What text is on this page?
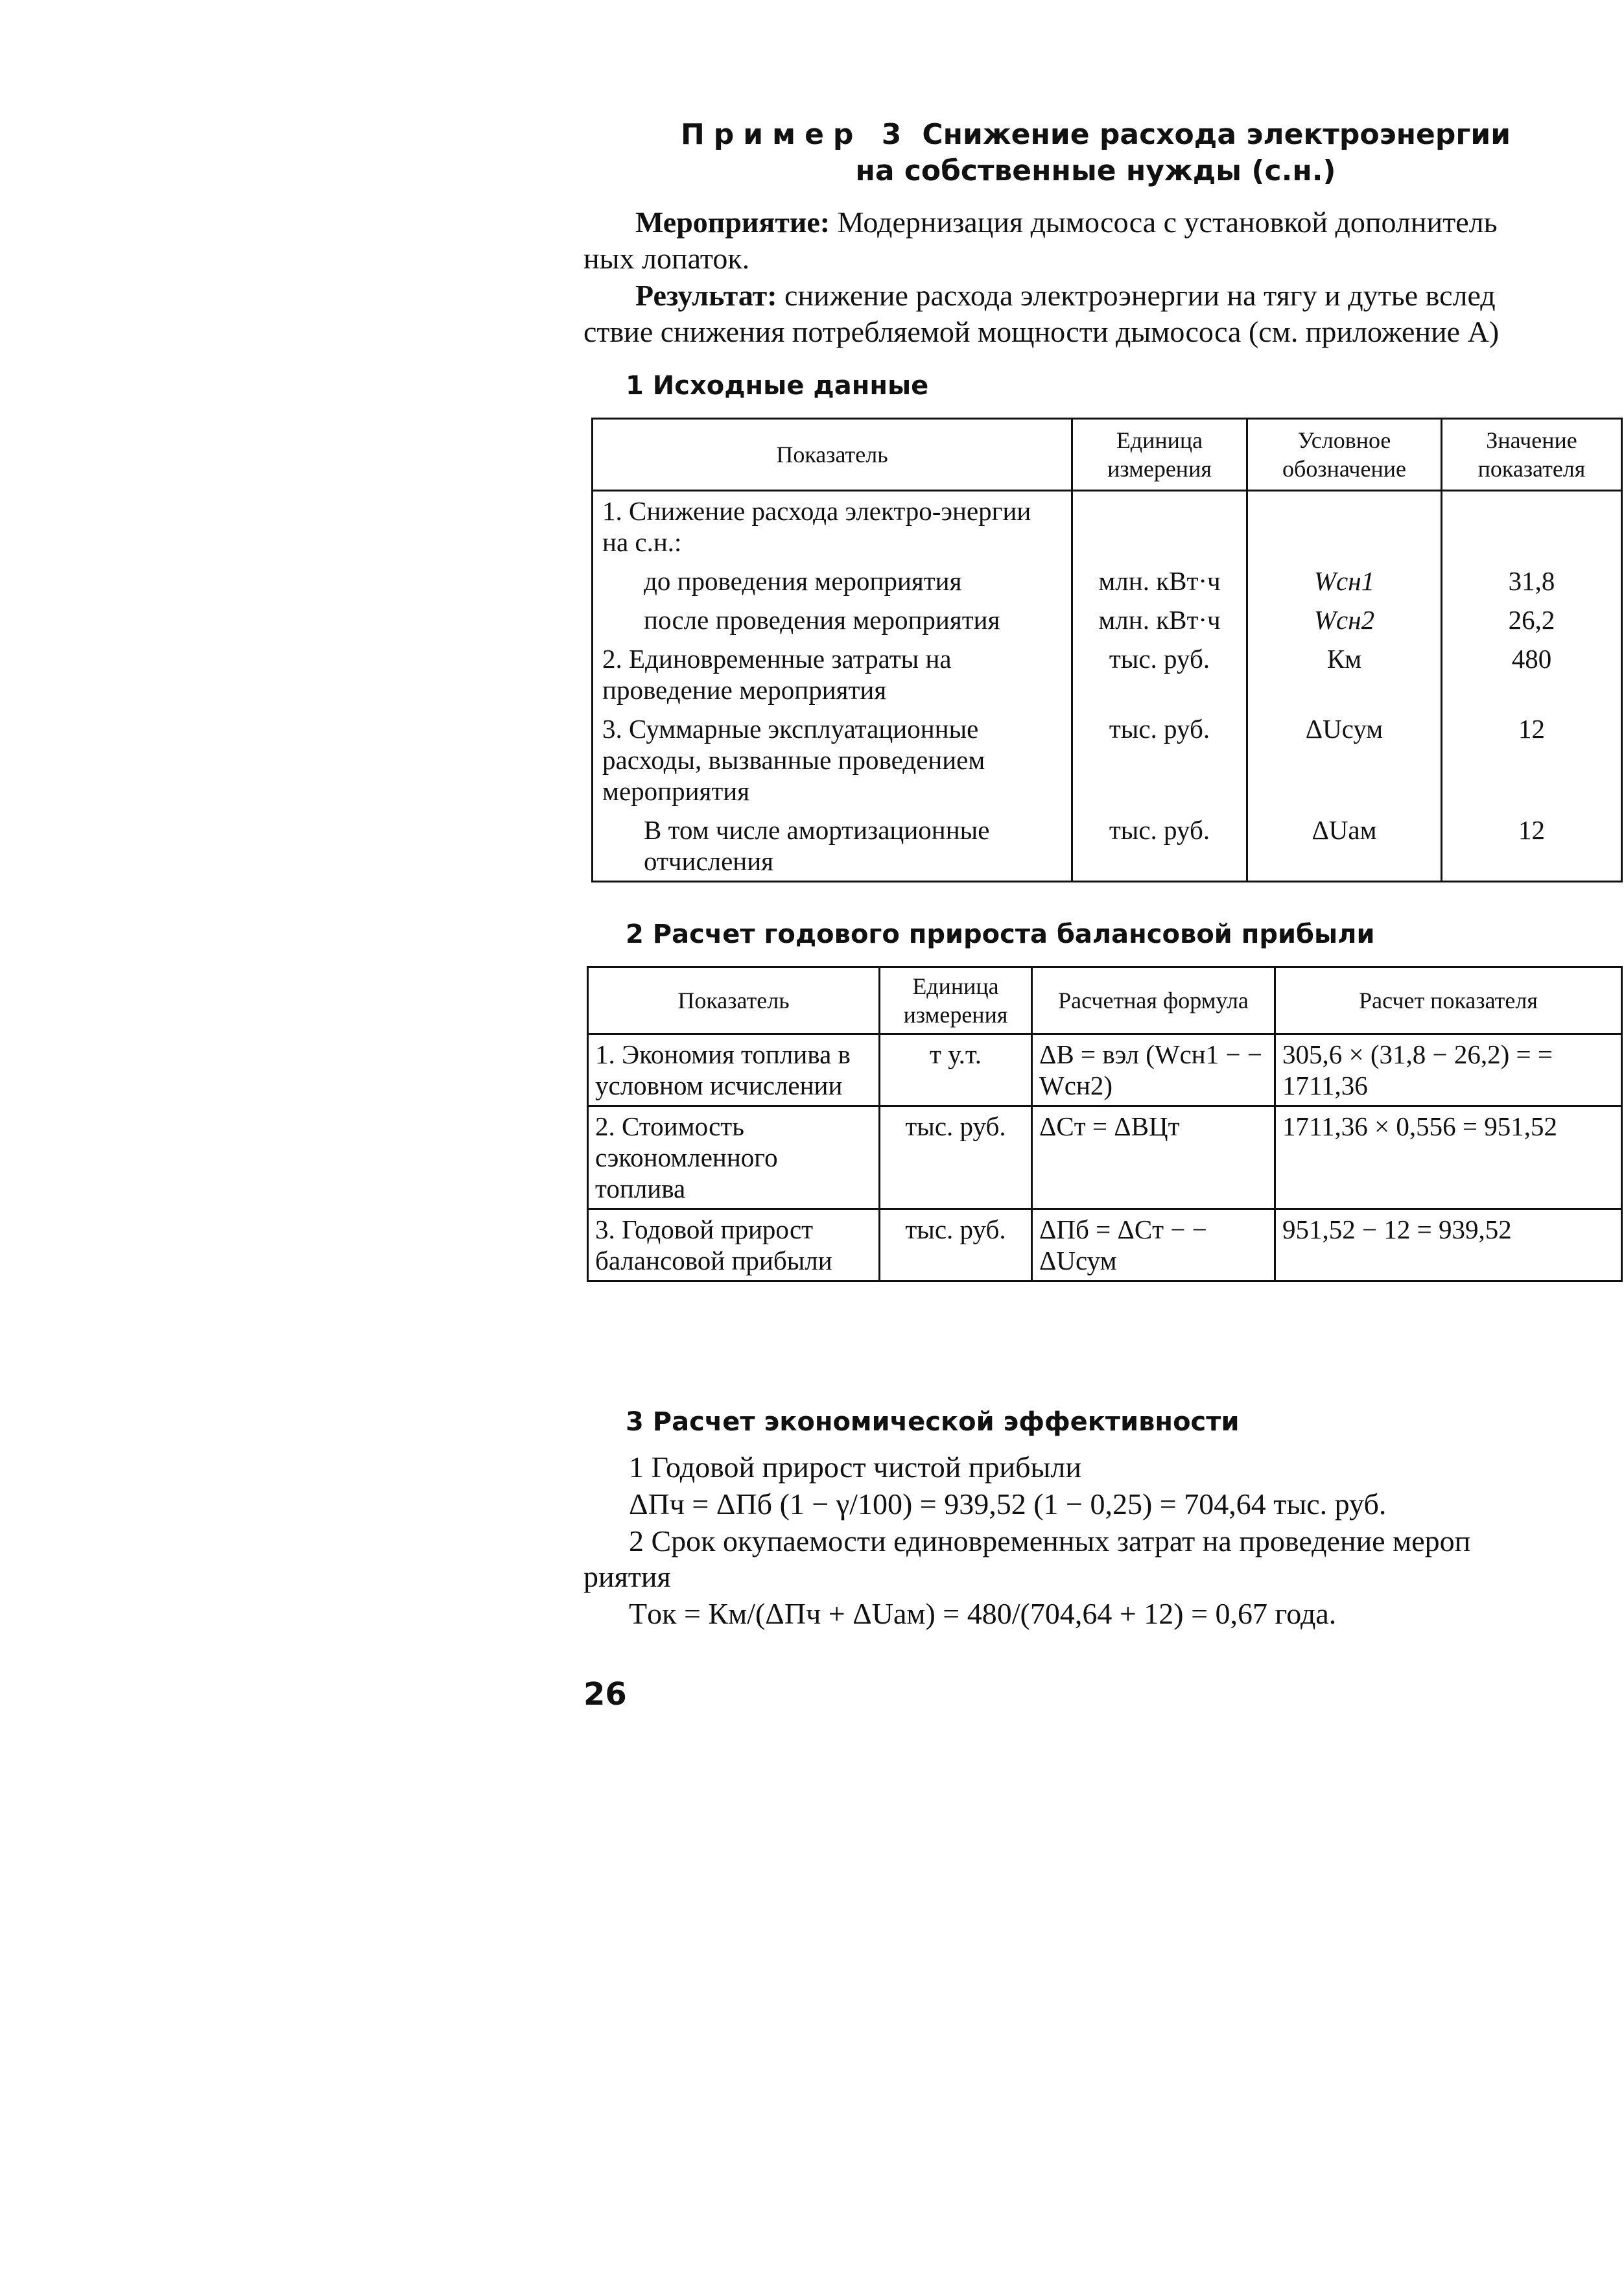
Пример 3 Снижение расхода электроэнергии
на собственные нужды (с.н.)
Мероприятие: Модернизация дымососа с установкой дополнитель
ных лопаток.
Результат: снижение расхода электроэнергии на тягу и дутье вслед
ствие снижения потребляемой мощности дымососа (см. приложение А)
1 Исходные данные
Показатель	Единица измерения	Условное обозначение	Значение показателя
1. Снижение расхода электро-энергии на с.н.:			
до проведения мероприятия	млн. кВт·ч	Wсн1	31,8
после проведения мероприятия	млн. кВт·ч	Wсн2	26,2
2. Единовременные затраты на проведение мероприятия	тыс. руб.	Км	480
3. Суммарные эксплуатационные расходы, вызванные проведением мероприятия	тыс. руб.	ΔUсум	12
В том числе амортизационные отчисления	тыс. руб.	ΔUам	12
2 Расчет годового прироста балансовой прибыли
Показатель	Единица измерения	Расчетная формула	Расчет показателя
1. Экономия топлива в условном исчислении	т у.т.	ΔB = вэл (Wсн1 − − Wсн2)	305,6 × (31,8 − 26,2) = = 1711,36
2. Стоимость сэкономленного топлива	тыс. руб.	ΔCт = ΔBЦт	1711,36 × 0,556 = 951,52
3. Годовой прирост балансовой прибыли	тыс. руб.	ΔПб = ΔCт − − ΔUсум	951,52 − 12 = 939,52
3 Расчет экономической эффективности
1 Годовой прирост чистой прибыли
ΔПч = ΔПб (1 − γ/100) = 939,52 (1 − 0,25) = 704,64 тыс. руб.
2 Срок окупаемости единовременных затрат на проведение мероп
риятия
Tок = Км/(ΔПч + ΔUам) = 480/(704,64 + 12) = 0,67 года.
26
